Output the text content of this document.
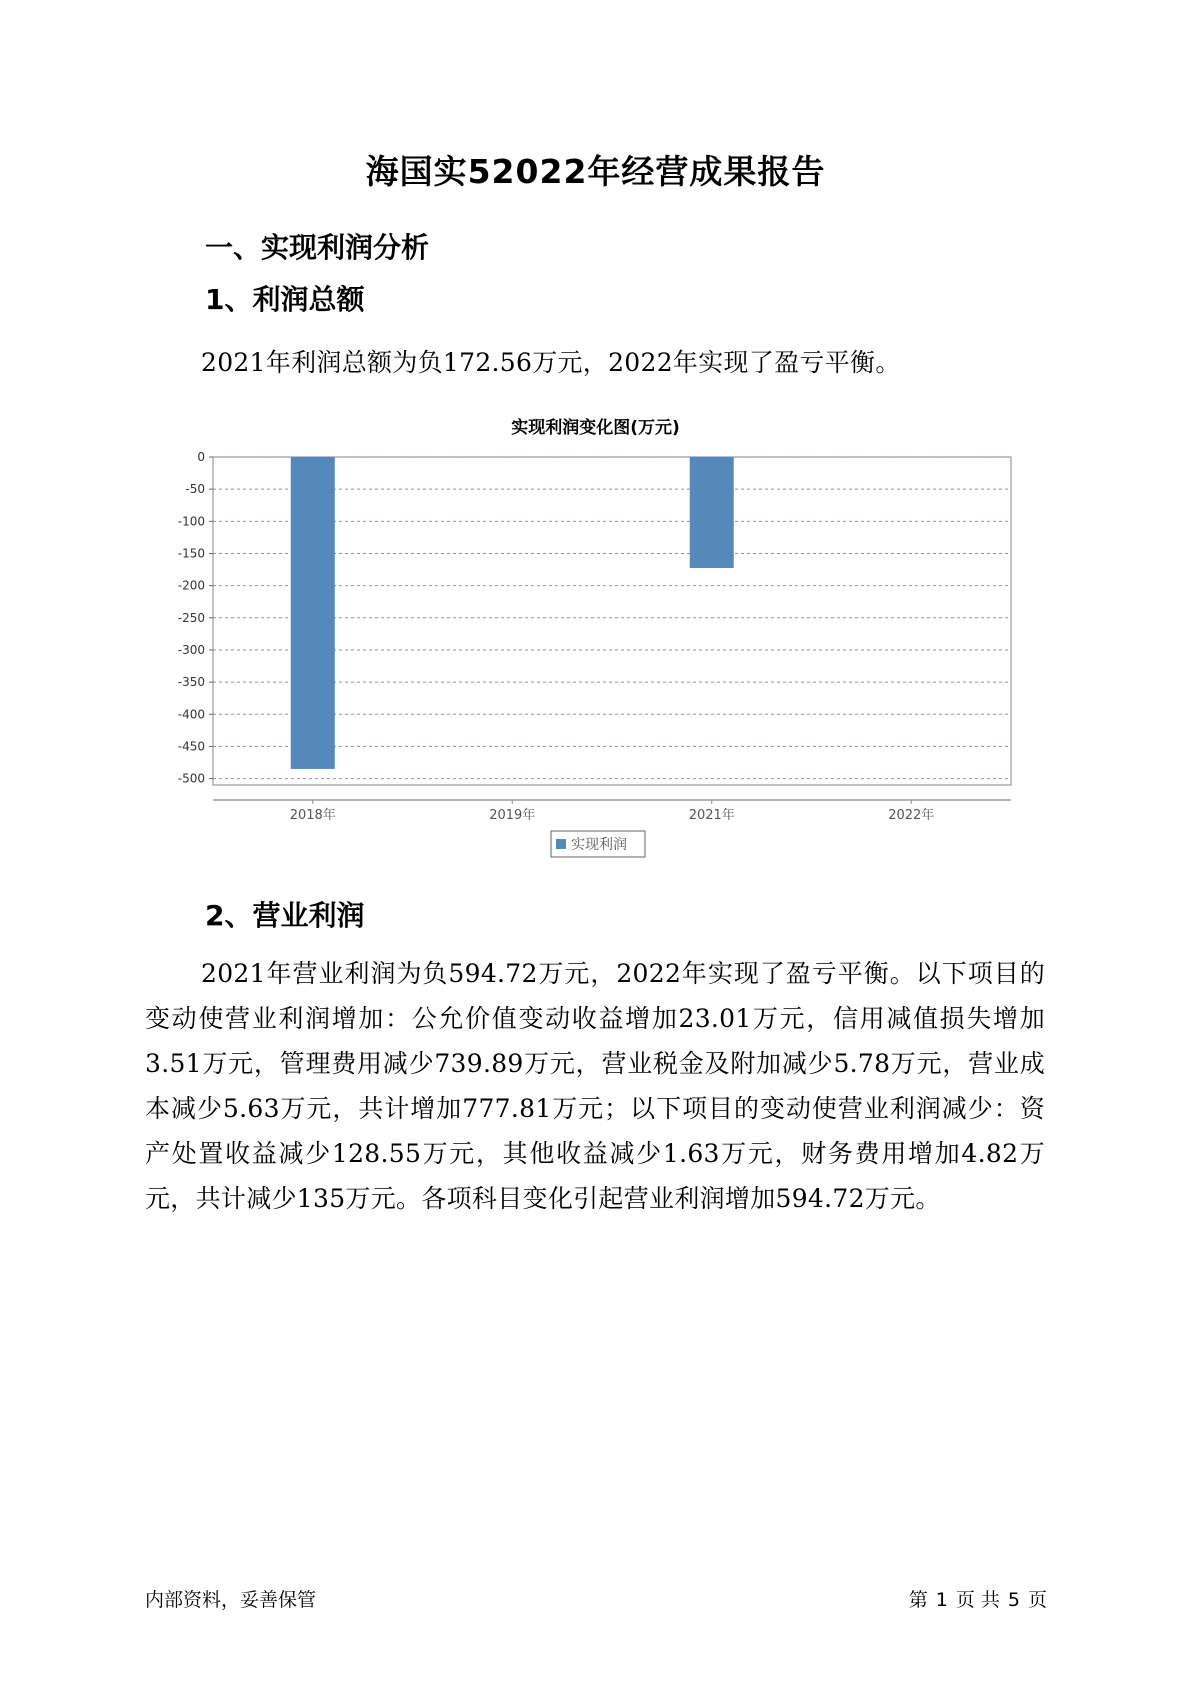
海国实52022年经营成果报告
一、实现利润分析
1、利润总额
2021年利润总额为负172.56万元，2022年实现了盈亏平衡。
实现利润变化图(万元)
0
-50
-100
-150
-200
-250
-300
-350
-400
-450
-500
2018年	2019年	2021年	2022年
实现利润
2、营业利润
2021年营业利润为负594.72万元，2022年实现了盈亏平衡。以下项目的变动使营业利润增加：公允价值变动收益增加23.01万元，信用减值损失增加3.51万元，管理费用减少739.89万元，营业税金及附加减少5.78万元，营业成本减少5.63万元，共计增加777.81万元；以下项目的变动使营业利润减少：资产处置收益减少128.55万元，其他收益减少1.63万元，财务费用增加4.82万元，共计减少135万元。各项科目变化引起营业利润增加594.72万元。
内部资料，妥善保管	第 1 页 共 5 页
